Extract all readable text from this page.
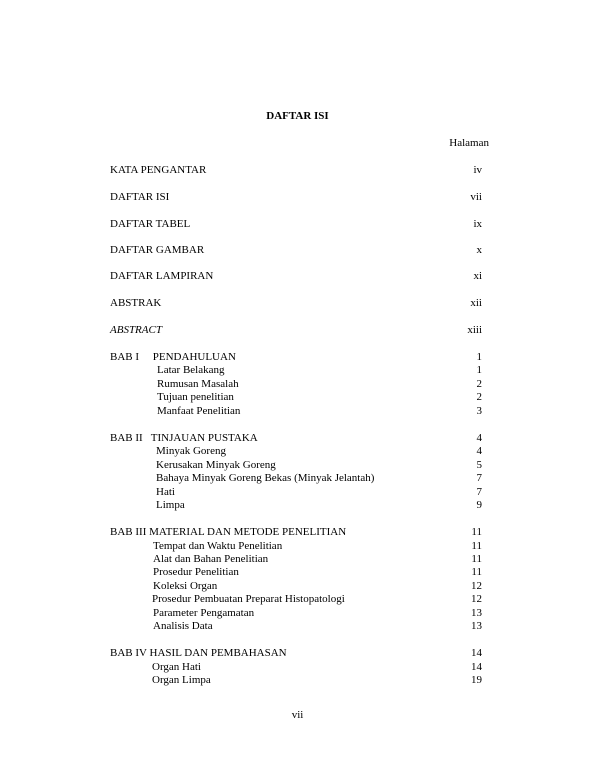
DAFTAR ISI
Halaman
KATA PENGANTAR	iv
DAFTAR ISI	vii
DAFTAR TABEL	ix
DAFTAR GAMBAR	x
DAFTAR LAMPIRAN	xi
ABSTRAK	xii
ABSTRACT	xiii
BAB I     PENDAHULUAN	1
Latar Belakang	1
Rumusan Masalah	2
Tujuan penelitian	2
Manfaat Penelitian	3
BAB II   TINJAUAN PUSTAKA	4
Minyak Goreng	4
Kerusakan Minyak Goreng	5
Bahaya Minyak Goreng Bekas (Minyak Jelantah)	7
Hati	7
Limpa	9
BAB III MATERIAL DAN METODE PENELITIAN	11
Tempat dan Waktu Penelitian	11
Alat dan Bahan Penelitian	11
Prosedur Penelitian	11
Koleksi Organ	12
Prosedur Pembuatan Preparat Histopatologi	12
Parameter Pengamatan	13
Analisis Data	13
BAB IV HASIL DAN PEMBAHASAN	14
Organ Hati	14
Organ Limpa	19
vii
